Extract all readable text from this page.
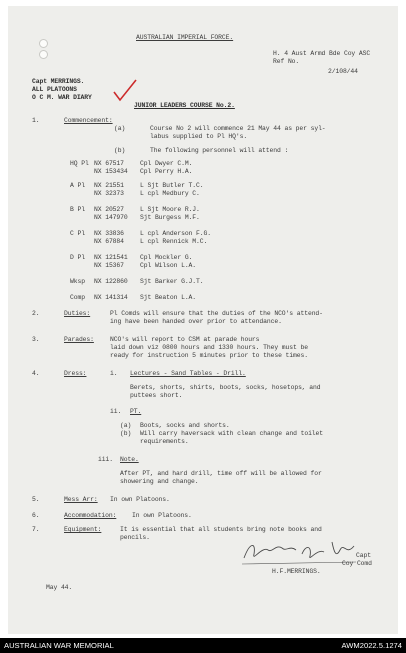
AUSTRALIAN IMPERIAL FORCE.
H. 4 Aust Armd Bde Coy ASC
Ref No.
2/108/44
Capt MERRINGS.
ALL PLATOONS
O C M. WAR DIARY
JUNIOR LEADERS COURSE No.2.
1.	Commencement:
(a)	Course No 2 will commence 21 May 44 as per syl-
labus supplied to Pl HQ's.
(b)	The following personnel will attend :
HQ Pl NX 67517	Cpl Dwyer C.M.
NX 153434 Cpl Perry H.A.
A Pl NX 21551	L Sjt Butler T.C.
NX 32373	L cpl Medbury C.
B Pl NX 20527	L Sjt Moore R.J.
NX 147970 Sjt Burgess M.F.
C Pl NX 33836	L cpl Anderson F.G.
NX 67884	L cpl Rennick M.C.
D Pl NX 121541 Cpl Mockler G.
NX 15367	Cpl Wilson L.A.
Wksp NX 122860 Sjt Barker G.J.T.
Comp NX 141314 Sjt Beaton L.A.
2.	Duties:	Pl Comds will ensure that the duties of the NCO's attend-
ing have been handed over prior to attendance.
3.	Parades:	NCO's will report to CSM at parade hours
laid down viz 0800 hours and 1330 hours. They must be
ready for instruction 5 minutes prior to these times.
4.	Dress:	i. Lectures - Sand Tables - Drill.
Berets, shorts, shirts, boots, socks, hosetops, and
puttees short.
ii. PT.
(a) Boots, socks and shorts.
(b) Will carry haversack with clean change and toilet
requirements.
iii. Note.
After PT, and hard drill, time off will be allowed for
showering and change.
5.	Mess Arr: In own Platoons.
6.	Accommodation: In own Platoons.
7.	Equipment:	It is essential that all students bring note books and
pencils.
Capt
Coy Comd
H.F.MERRINGS.
May 44.
AUSTRALIAN WAR MEMORIAL	AWM2022.5.1274
